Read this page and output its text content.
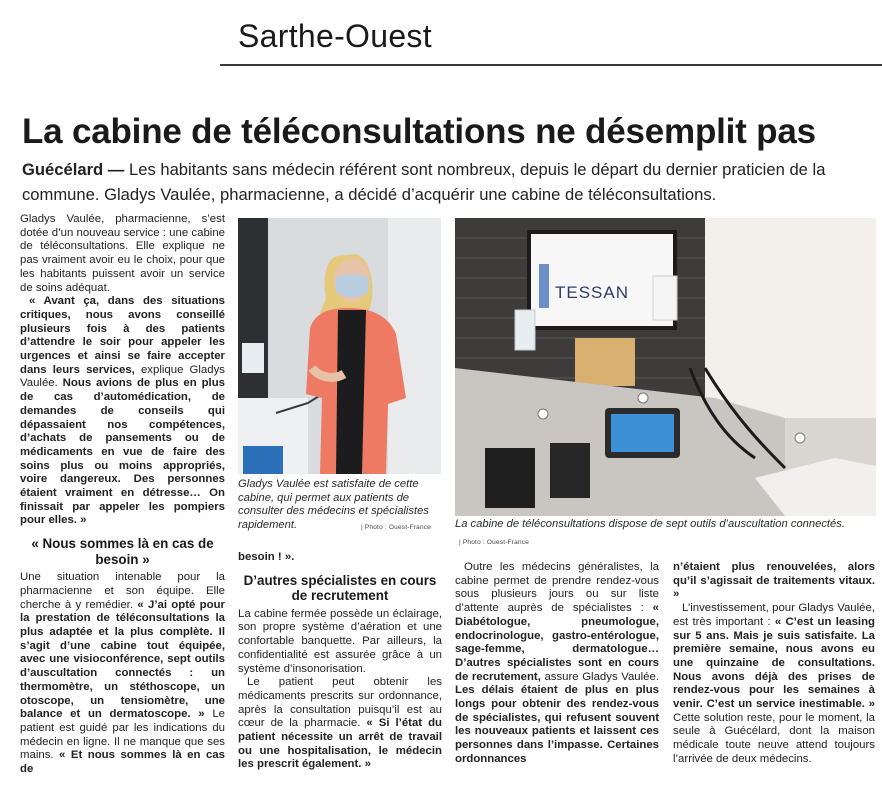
Sarthe-Ouest
La cabine de téléconsultations ne désemplit pas
Guécélard — Les habitants sans médecin référent sont nombreux, depuis le départ du dernier praticien de la commune. Gladys Vaulée, pharmacienne, a décidé d’acquérir une cabine de téléconsultations.

Gladys Vaulée, pharmacienne, s’est dotée d’un nouveau service : une cabine de téléconsultations. Elle explique ne pas vraiment avoir eu le choix, pour que les habitants puissent avoir un service de soins adéquat.

« Avant ça, dans des situations critiques, nous avons conseillé plusieurs fois à des patients d’attendre le soir pour appeler les urgences et ainsi se faire accepter dans leurs services, explique Gladys Vaulée. Nous avions de plus en plus de cas d’automédication, de demandes de conseils qui dépassaient nos compétences, d’achats de pansements ou de médicaments en vue de faire des soins plus ou moins appropriés, voire dangereux. Des personnes étaient vraiment en détresse… On finissait par appeler les pompiers pour elles. »

« Nous sommes là en cas de besoin »

Une situation intenable pour la pharmacienne et son équipe. Elle cherche à y remédier. « J’ai opté pour la prestation de téléconsultations la plus adaptée et la plus complète. Il s’agit d’une cabine tout équipée, avec une visioconférence, sept outils d’auscultation connectés : un thermomètre, un stéthoscope, un otoscope, un tensiomètre, une balance et un dermatoscope. » Le patient est guidé par les indications du médecin en ligne. Il ne manque que ses mains. « Et nous sommes là en cas de

Gladys Vaulée est satisfaite de cette cabine, qui permet aux patients de consulter des médecins et spécialistes rapidement.	| Photo : Ouest-France
TESSAN
La cabine de téléconsultations dispose de sept outils d’auscultation connectés.
| Photo : Ouest-France

besoin ! ».

D’autres spécialistes en cours de recrutement

La cabine fermée possède un éclairage, son propre système d’aération et une confortable banquette. Par ailleurs, la confidentialité est assurée grâce à un système d’insonorisation.

Le patient peut obtenir les médicaments prescrits sur ordonnance, après la consultation puisqu’il est au cœur de la pharmacie. « Si l’état du patient nécessite un arrêt de travail ou une hospitalisation, le médecin les prescrit également. »

Outre les médecins généralistes, la cabine permet de prendre rendez-vous sous plusieurs jours ou sur liste d’attente auprès de spécialistes : « Diabétologue, pneumologue, endocrinologue, gastro-entérologue, sage-femme, dermatologue… D’autres spécialistes sont en cours de recrutement, assure Gladys Vaulée. Les délais étaient de plus en plus longs pour obtenir des rendez-vous de spécialistes, qui refusent souvent les nouveaux patients et laissent ces personnes dans l’impasse. Certaines ordonnances

n’étaient plus renouvelées, alors qu’il s’agissait de traitements vitaux. »

L’investissement, pour Gladys Vaulée, est très important : « C’est un leasing sur 5 ans. Mais je suis satisfaite. La première semaine, nous avons eu une quinzaine de consultations. Nous avons déjà des prises de rendez-vous pour les semaines à venir. C’est un service inestimable. » Cette solution reste, pour le moment, la seule à Guécélard, dont la maison médicale toute neuve attend toujours l’arrivée de deux médecins.
